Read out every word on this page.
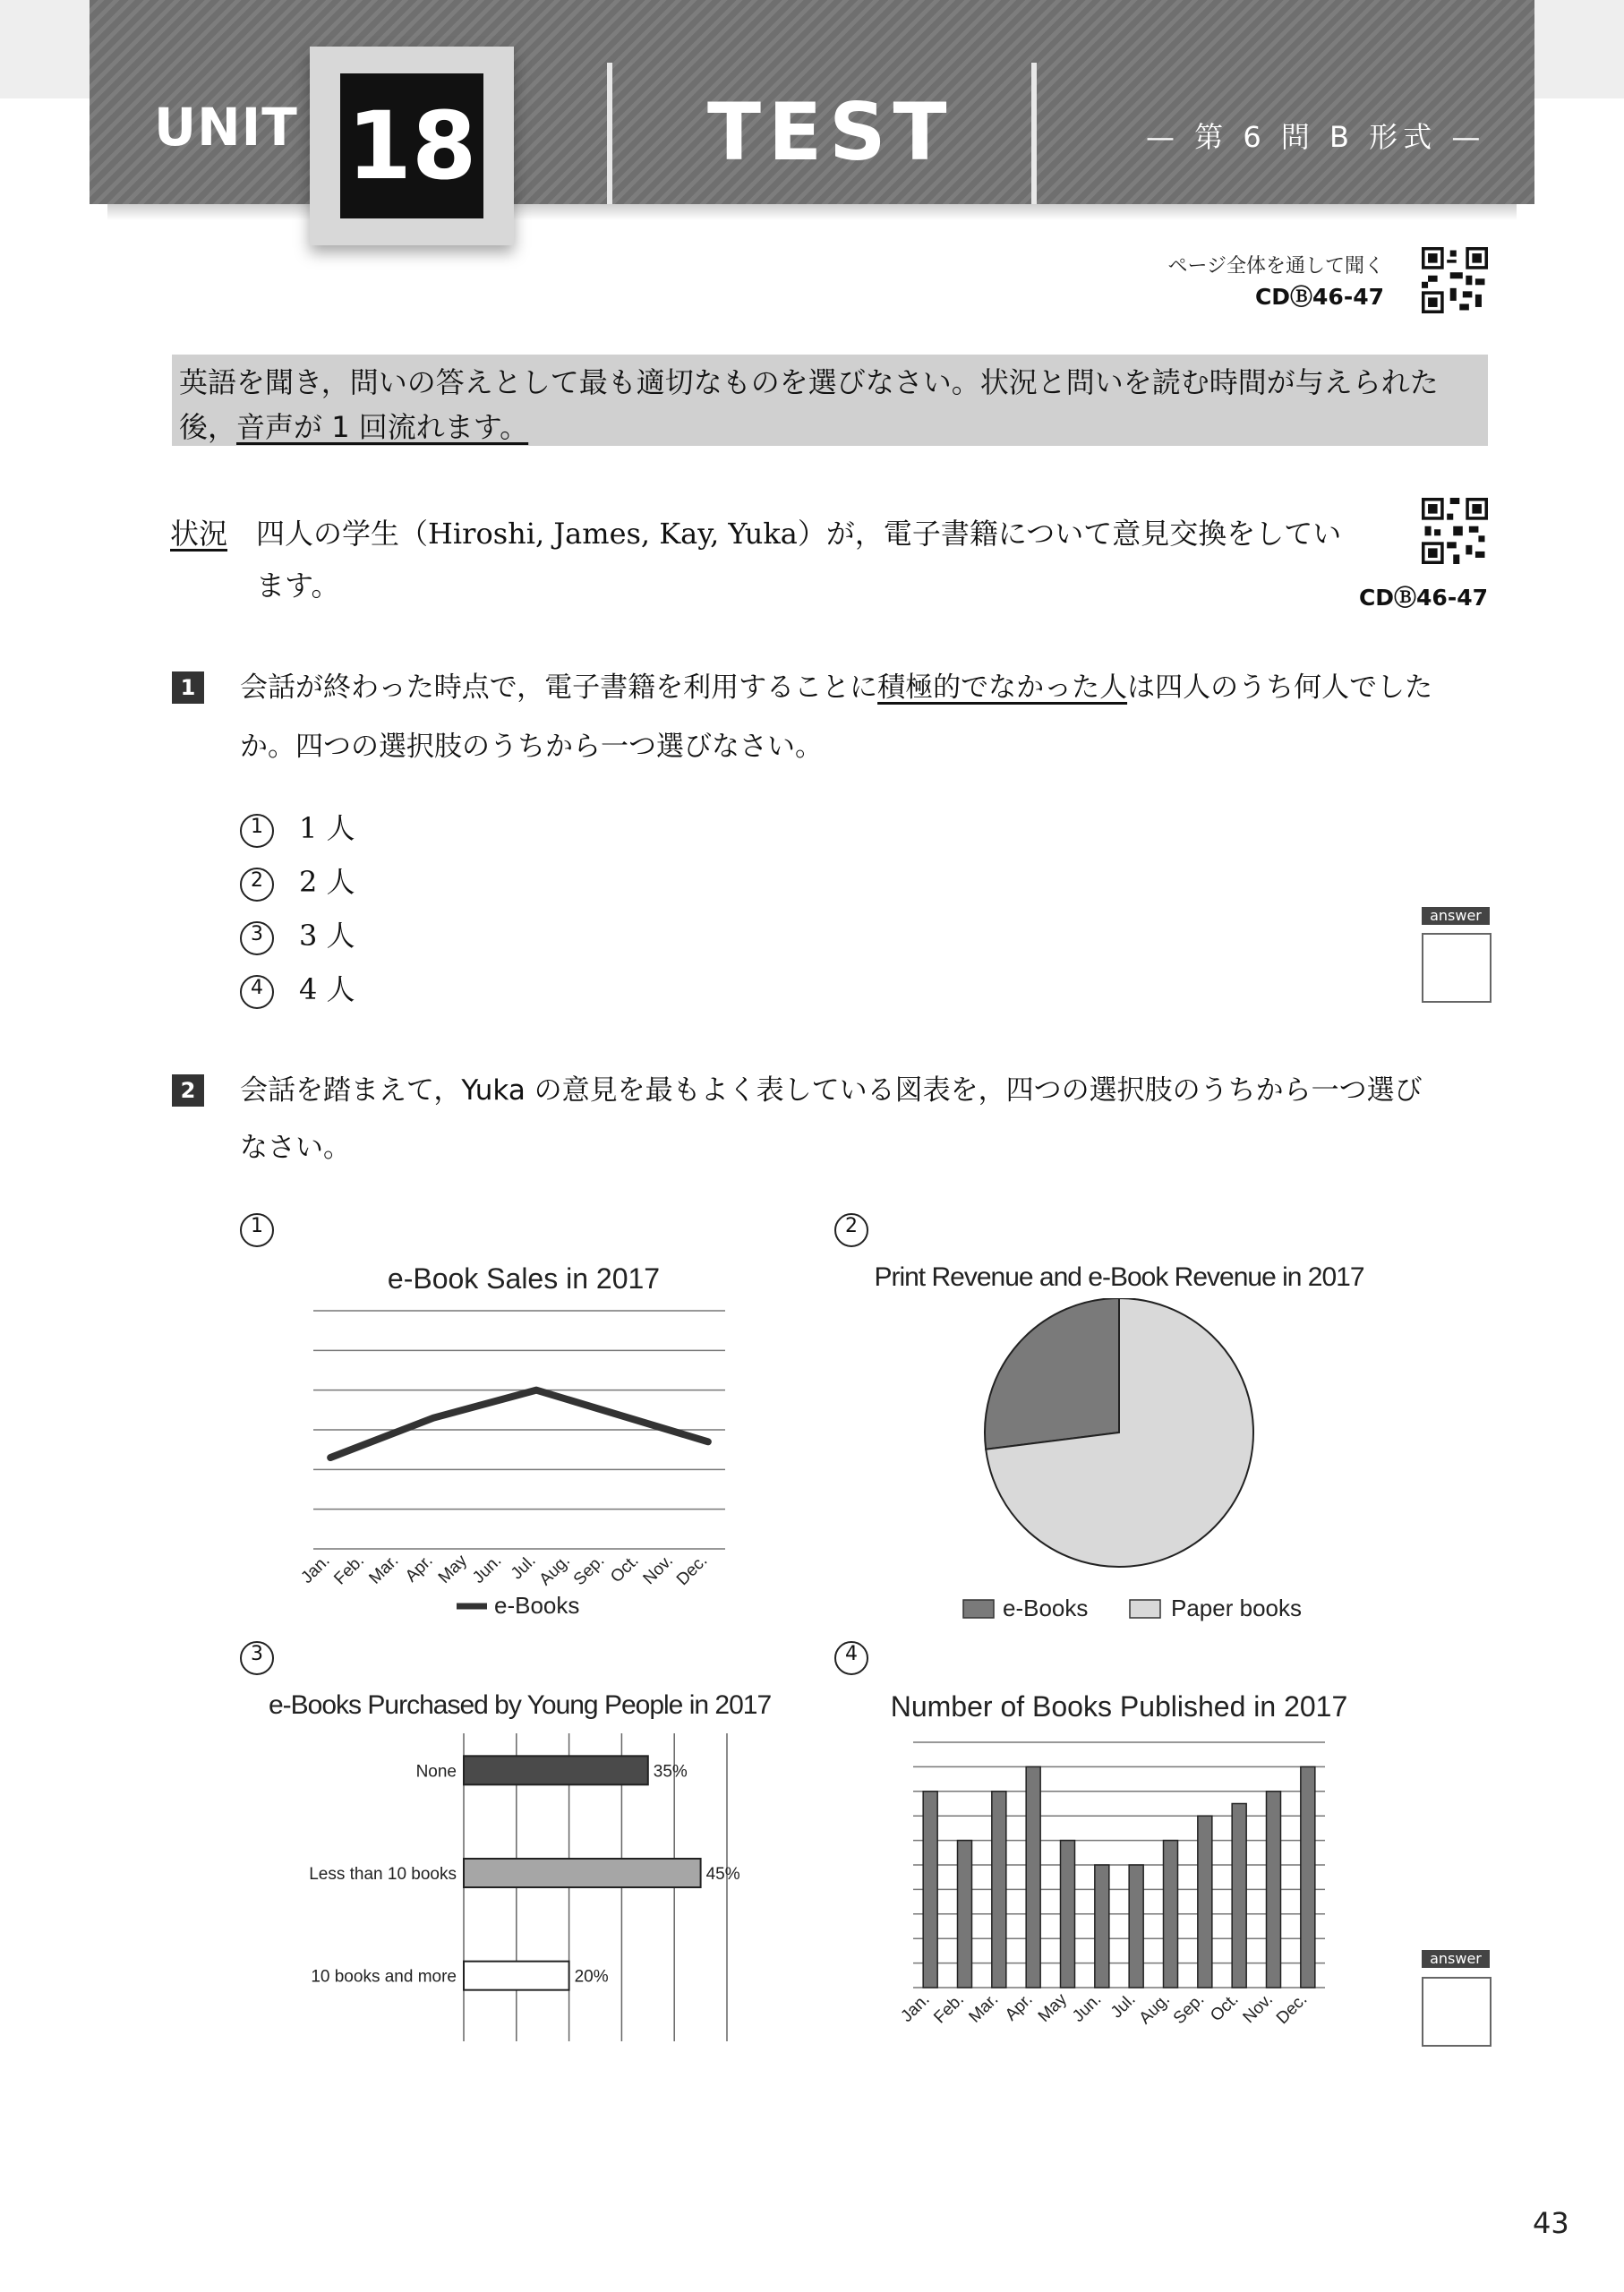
UNIT 18	TEST	— 第 6 問 B 形式 —
ページ全体を通して聞く
CDⒷ46-47
英語を聞き，問いの答えとして最も適切なものを選びなさい。状況と問いを読む時間が与えられた後，音声が 1 回流れます。
状況 四人の学生（Hiroshi, James, Kay, Yuka）が，電子書籍について意見交換をしてい
ます。	CDⒷ46-47
1	会話が終わった時点で，電子書籍を利用することに積極的でなかった人は四人のうち何人でした
か。四つの選択肢のうちから一つ選びなさい。
1 1 人
2 2 人
3 3 人
4 4 人
answer
2	会話を踏まえて，Yuka の意見を最もよく表している図表を，四つの選択肢のうちから一つ選び
なさい。
1	2
3	4
e-Book Sales in 2017
Jan.
Feb.
Mar. Apr.
May
Jun. Jul.
Aug.
Sep.
Oct.
Nov.
Dec.
e-Books
Print Revenue and e-Book Revenue in 2017
e-Books	Paper books
e-Books Purchased by Young People in 2017
None	35%
Less than 10 books	45%
10 books and more	20%
Number of Books Published in 2017
Jan.
Feb.
Mar. Apr.
May
Jun. Jul.
Aug.
Sep.
Oct.
Nov.
Dec.
answer
43
